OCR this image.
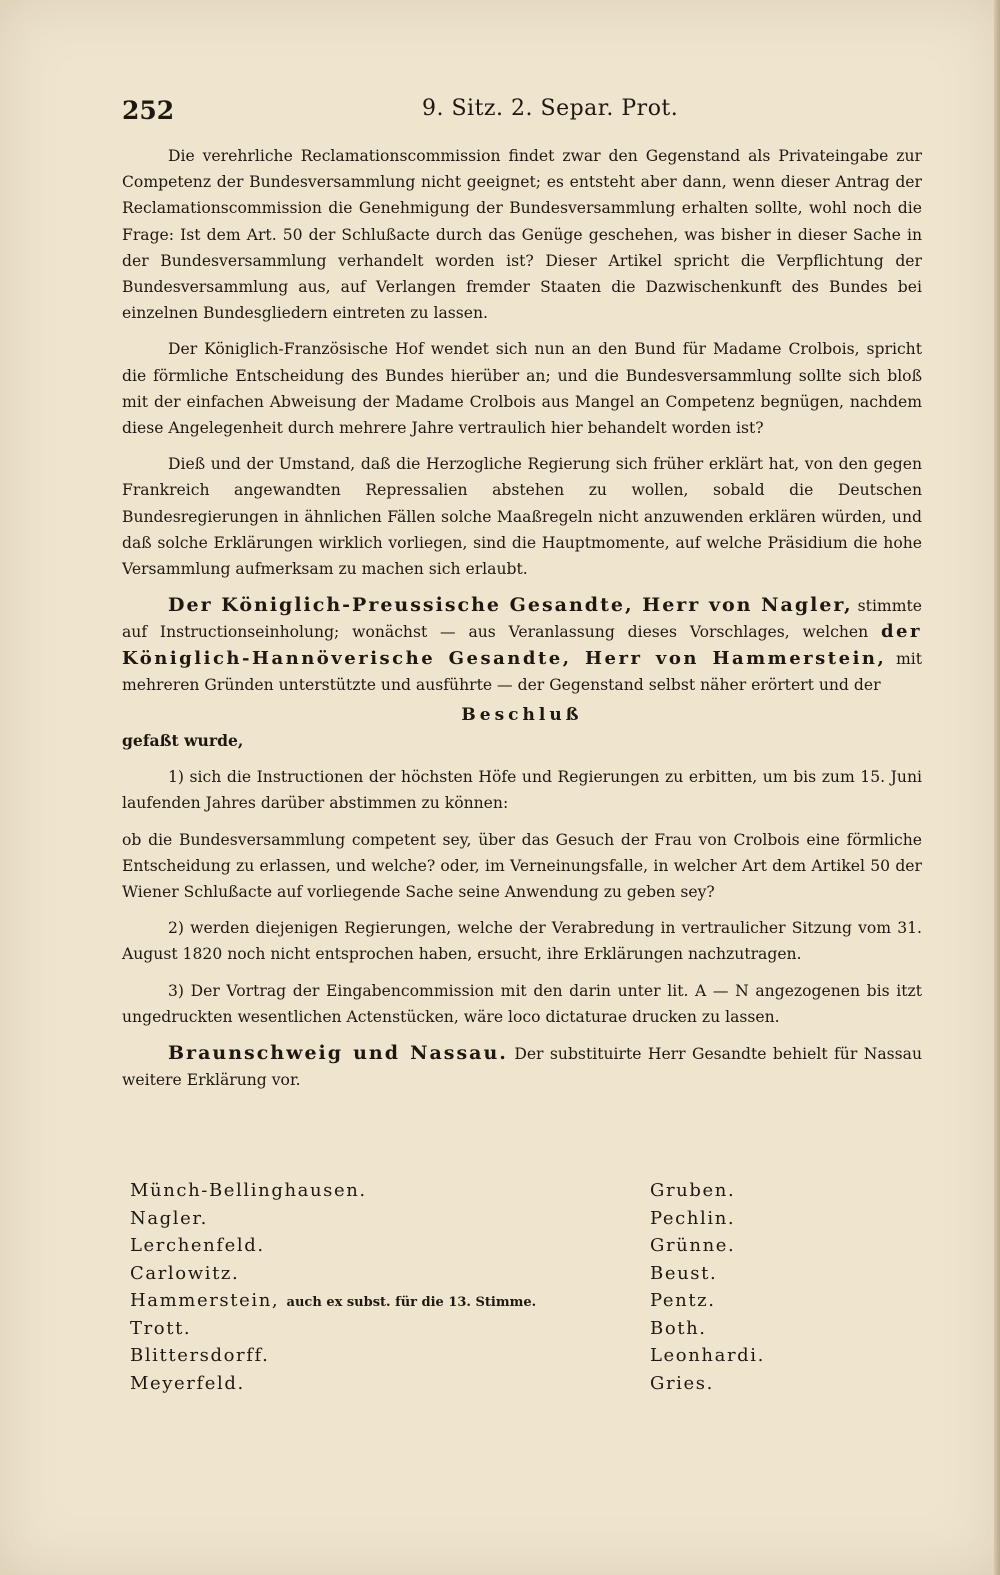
252	9. Sitz. 2. Separ. Prot.

Die verehrliche Reclamationscommission findet zwar den Gegenstand als Privateingabe zur Competenz der Bundesversammlung nicht geeignet; es entsteht aber dann, wenn dieser Antrag der Reclamationscommission die Genehmigung der Bundesversammlung erhalten sollte, wohl noch die Frage: Ist dem Art. 50 der Schlußacte durch das Genüge geschehen, was bisher in dieser Sache in der Bundesversammlung verhandelt worden ist? Dieser Artikel spricht die Verpflichtung der Bundesversammlung aus, auf Verlangen fremder Staaten die Dazwischenkunft des Bundes bei einzelnen Bundesgliedern eintreten zu lassen.

Der Königlich-Französische Hof wendet sich nun an den Bund für Madame Crolbois, spricht die förmliche Entscheidung des Bundes hierüber an; und die Bundesversammlung sollte sich bloß mit der einfachen Abweisung der Madame Crolbois aus Mangel an Competenz begnügen, nachdem diese Angelegenheit durch mehrere Jahre vertraulich hier behandelt worden ist?

Dieß und der Umstand, daß die Herzogliche Regierung sich früher erklärt hat, von den gegen Frankreich angewandten Repressalien abstehen zu wollen, sobald die Deutschen Bundesregierungen in ähnlichen Fällen solche Maaßregeln nicht anzuwenden erklären würden, und daß solche Erklärungen wirklich vorliegen, sind die Hauptmomente, auf welche Präsidium die hohe Versammlung aufmerksam zu machen sich erlaubt.

Der Königlich-Preussische Gesandte, Herr von Nagler, stimmte auf Instructionseinholung; wonächst — aus Veranlassung dieses Vorschlages, welchen der Königlich-Hannöverische Gesandte, Herr von Hammerstein, mit mehreren Gründen unterstützte und ausführte — der Gegenstand selbst näher erörtert und der

Beschluß

gefaßt wurde,

1) sich die Instructionen der höchsten Höfe und Regierungen zu erbitten, um bis zum 15. Juni laufenden Jahres darüber abstimmen zu können:

ob die Bundesversammlung competent sey, über das Gesuch der Frau von Crolbois eine förmliche Entscheidung zu erlassen, und welche? oder, im Verneinungsfalle, in welcher Art dem Artikel 50 der Wiener Schlußacte auf vorliegende Sache seine Anwendung zu geben sey?

2) werden diejenigen Regierungen, welche der Verabredung in vertraulicher Sitzung vom 31. August 1820 noch nicht entsprochen haben, ersucht, ihre Erklärungen nachzutragen.

3) Der Vortrag der Eingabencommission mit den darin unter lit. A — N angezogenen bis itzt ungedruckten wesentlichen Actenstücken, wäre loco dictaturae drucken zu lassen.

Braunschweig und Nassau. Der substituirte Herr Gesandte behielt für Nassau weitere Erklärung vor.

Münch-Bellinghausen.
Nagler.
Lerchenfeld.
Carlowitz.
Hammerstein, auch ex subst. für die 13. Stimme.
Trott.
Blittersdorff.
Meyerfeld.
Gruben.
Pechlin.
Grünne.
Beust.
Pentz.
Both.
Leonhardi.
Gries.
